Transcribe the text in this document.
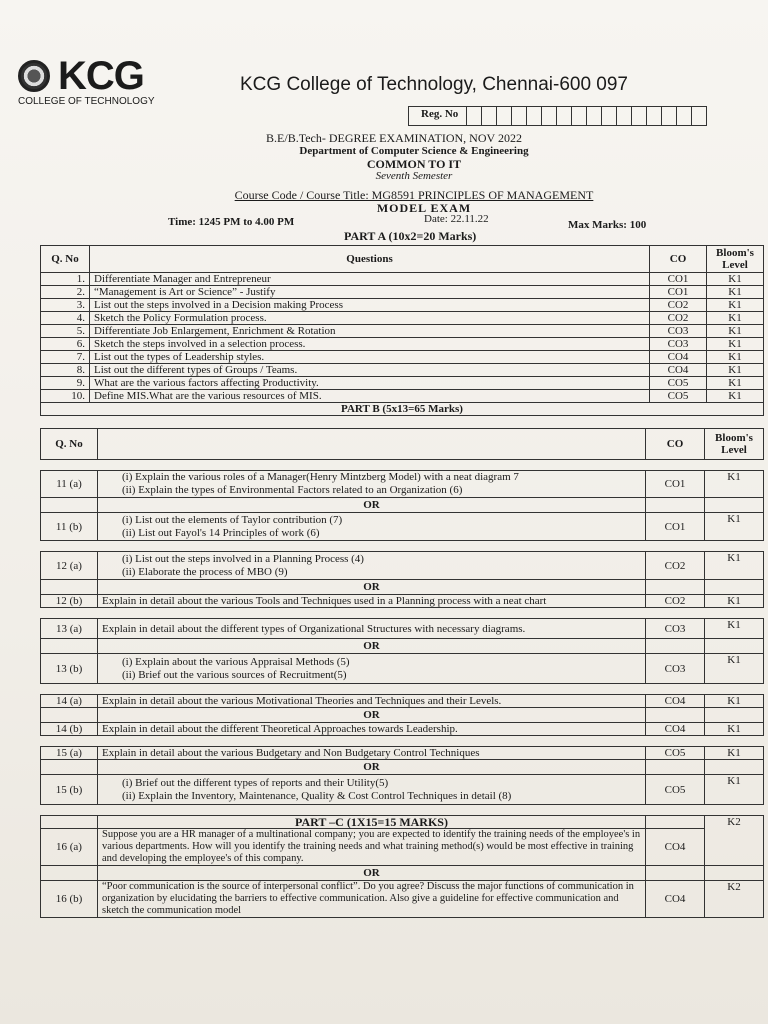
KCG
COLLEGE OF TECHNOLOGY
KCG College of Technology, Chennai-600 097
Reg. No
B.E/B.Tech- DEGREE EXAMINATION, NOV 2022
Department of Computer Science & Engineering
COMMON TO IT
Seventh Semester
Course Code / Course Title: MG8591 PRINCIPLES OF MANAGEMENT
MODEL EXAM
Time: 1245 PM to 4.00 PM	Date: 22.11.22	Max Marks: 100
PART A (10x2=20 Marks)
Q. No	Questions	CO	Bloom's Level
1.	Differentiate Manager and Entrepreneur	CO1	K1
2.	“Management is Art or Science” - Justify	CO1	K1
3.	List out the steps involved in a Decision making Process	CO2	K1
4.	Sketch the Policy Formulation process.	CO2	K1
5.	Differentiate Job Enlargement, Enrichment & Rotation	CO3	K1
6.	Sketch the steps involved in a selection process.	CO3	K1
7.	List out the types of Leadership styles.	CO4	K1
8.	List out the different types of Groups / Teams.	CO4	K1
9.	What are the various factors affecting Productivity.	CO5	K1
10.	Define MIS.What are the various resources of MIS.	CO5	K1
PART B (5x13=65 Marks)			
Q. No		CO	Bloom's Level

11 (a)	(i) Explain the various roles of a Manager(Henry Mintzberg Model) with a neat diagram 7
(ii) Explain the types of Environmental Factors related to an Organization (6)	CO1	K1
	OR		
11 (b)	(i) List out the elements of Taylor contribution (7)
(ii) List out Fayol's 14 Principles of work (6)	CO1	K1

12 (a)	(i) List out the steps involved in a Planning Process (4)
(ii) Elaborate the process of MBO (9)	CO2	K1
	OR		
12 (b)	Explain in detail about the various Tools and Techniques used in a Planning process with a neat chart	CO2	K1

13 (a)	Explain in detail about the different types of Organizational Structures with necessary diagrams.	CO3	K1
	OR		
13 (b)	(i) Explain about the various Appraisal Methods (5)
(ii) Brief out the various sources of Recruitment(5)	CO3	K1

14 (a)	Explain in detail about the various Motivational Theories and Techniques and their Levels.	CO4	K1
	OR		
14 (b)	Explain in detail about the different Theoretical Approaches towards Leadership.	CO4	K1

15 (a)	Explain in detail about the various Budgetary and Non Budgetary Control Techniques	CO5	K1
	OR		
15 (b)	(i) Brief out the different types of reports and their Utility(5)
(ii) Explain the Inventory, Maintenance, Quality & Cost Control Techniques in detail (8)	CO5	K1

	PART –C (1X15=15 MARKS)		K2
16 (a)	Suppose you are a HR manager of a multinational company; you are expected to identify the training needs of the employee's in various departments. How will you identify the training needs and what training method(s) would be most effective in training and developing the employee's of this company.	CO4	
	OR		
16 (b)	“Poor communication is the source of interpersonal conflict”. Do you agree? Discuss the major functions of communication in organization by elucidating the barriers to effective communication. Also give a guideline for effective communication and sketch the communication model	CO4	K2
